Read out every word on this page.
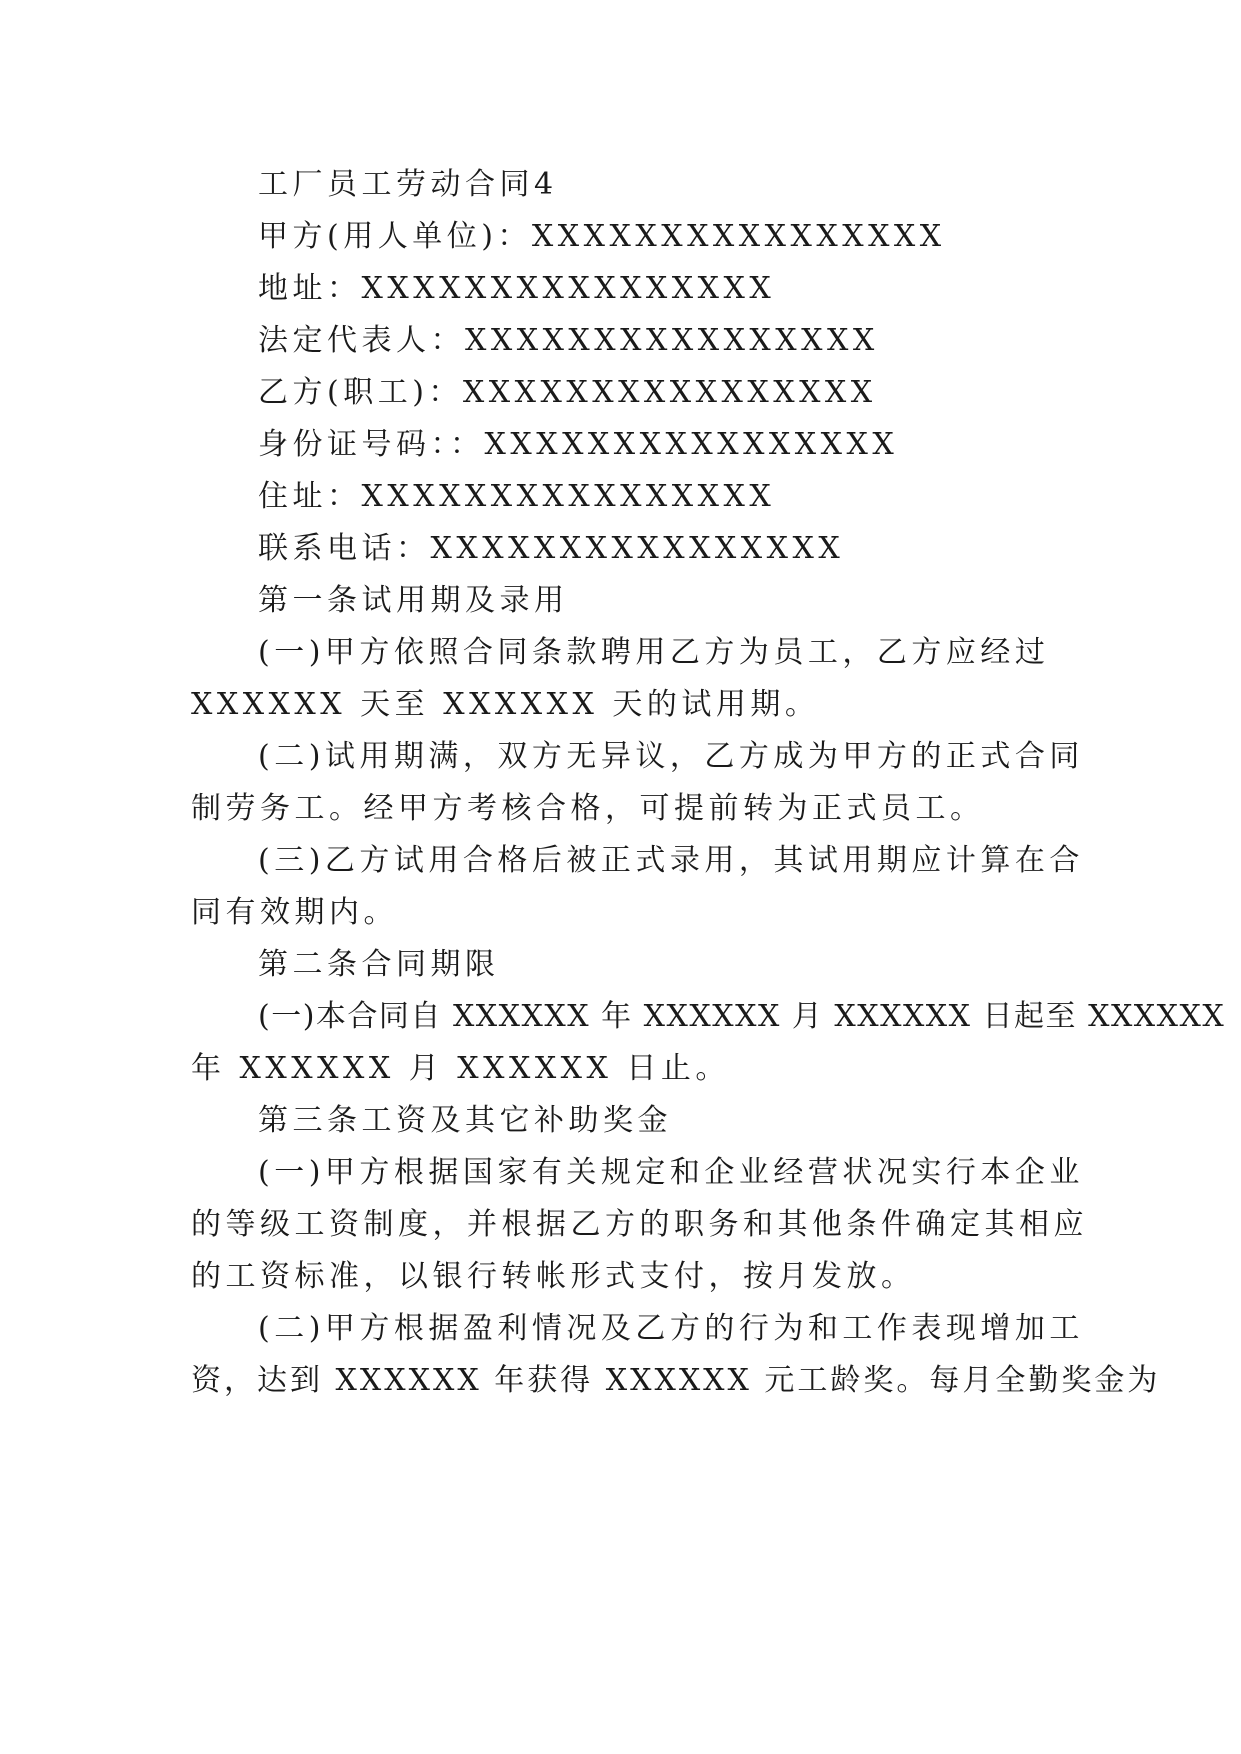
工厂员工劳动合同4
甲方(用人单位)：XXXXXXXXXXXXXXXX
地址：XXXXXXXXXXXXXXXX
法定代表人：XXXXXXXXXXXXXXXX
乙方(职工)：XXXXXXXXXXXXXXXX
身份证号码：：XXXXXXXXXXXXXXXX
住址：XXXXXXXXXXXXXXXX
联系电话：XXXXXXXXXXXXXXXX
第一条试用期及录用
(一)甲方依照合同条款聘用乙方为员工，乙方应经过
XXXXXX 天至 XXXXXX 天的试用期。
(二)试用期满，双方无异议，乙方成为甲方的正式合同
制劳务工。经甲方考核合格，可提前转为正式员工。
(三)乙方试用合格后被正式录用，其试用期应计算在合
同有效期内。
第二条合同期限
(一)本合同自 XXXXXX 年 XXXXXX 月 XXXXXX 日起至 XXXXXX
年 XXXXXX 月 XXXXXX 日止。
第三条工资及其它补助奖金
(一)甲方根据国家有关规定和企业经营状况实行本企业
的等级工资制度，并根据乙方的职务和其他条件确定其相应
的工资标准，以银行转帐形式支付，按月发放。
(二)甲方根据盈利情况及乙方的行为和工作表现增加工
资，达到 XXXXXX 年获得 XXXXXX 元工龄奖。每月全勤奖金为
